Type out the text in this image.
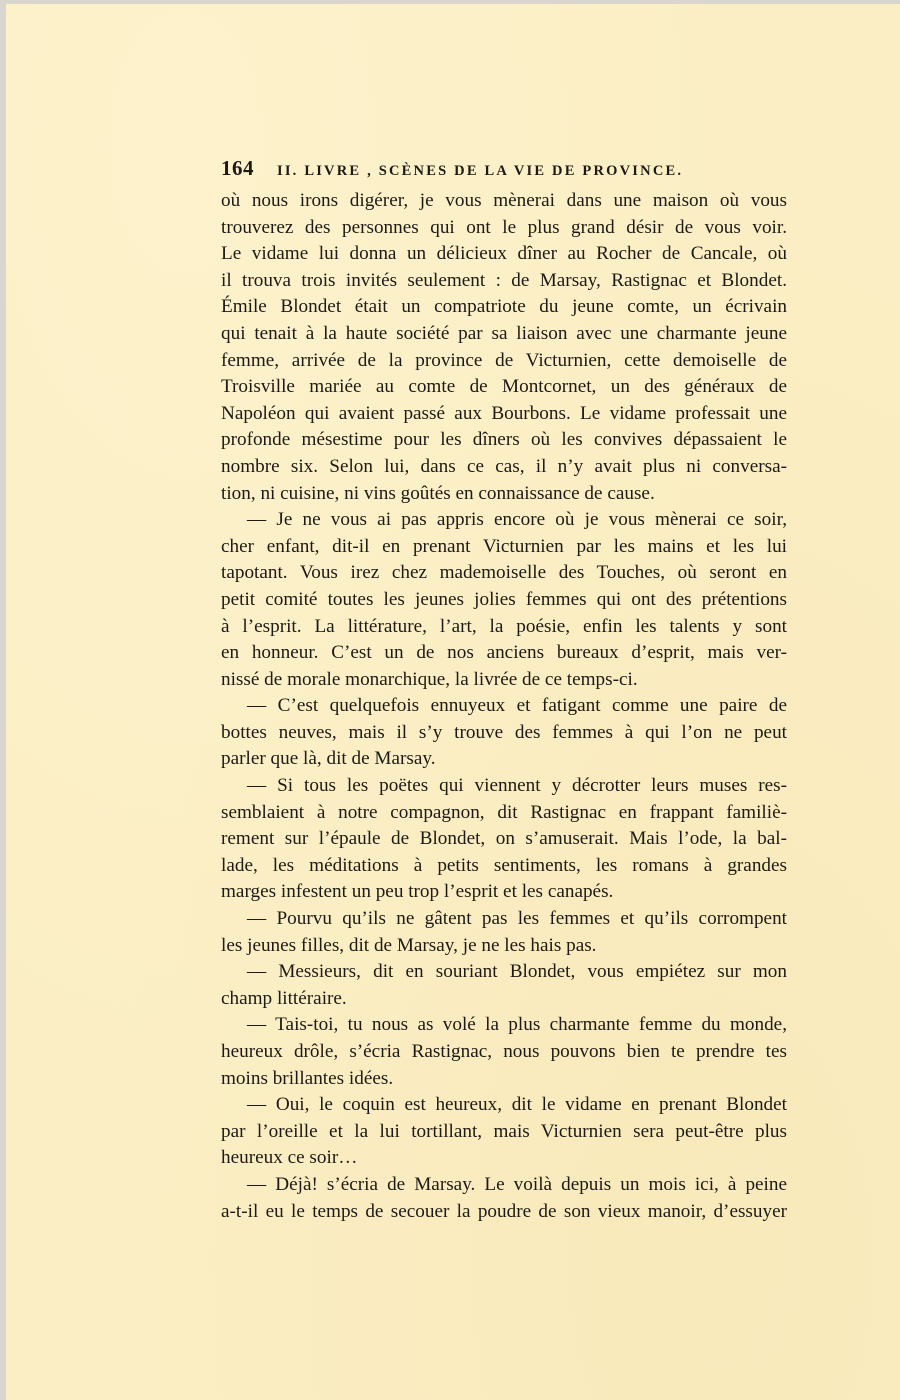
164	II. LIVRE , SCÈNES DE LA VIE DE PROVINCE.
où nous irons digérer, je vous mènerai dans une maison où vous
trouverez des personnes qui ont le plus grand désir de vous voir.
Le vidame lui donna un délicieux dîner au Rocher de Cancale, où
il trouva trois invités seulement : de Marsay, Rastignac et Blondet.
Émile Blondet était un compatriote du jeune comte, un écrivain
qui tenait à la haute société par sa liaison avec une charmante jeune
femme, arrivée de la province de Victurnien, cette demoiselle de
Troisville mariée au comte de Montcornet, un des généraux de
Napoléon qui avaient passé aux Bourbons. Le vidame professait une
profonde mésestime pour les dîners où les convives dépassaient le
nombre six. Selon lui, dans ce cas, il n’y avait plus ni conversa-
tion, ni cuisine, ni vins goûtés en connaissance de cause.
— Je ne vous ai pas appris encore où je vous mènerai ce soir,
cher enfant, dit-il en prenant Victurnien par les mains et les lui
tapotant. Vous irez chez mademoiselle des Touches, où seront en
petit comité toutes les jeunes jolies femmes qui ont des prétentions
à l’esprit. La littérature, l’art, la poésie, enfin les talents y sont
en honneur. C’est un de nos anciens bureaux d’esprit, mais ver-
nissé de morale monarchique, la livrée de ce temps-ci.
— C’est quelquefois ennuyeux et fatigant comme une paire de
bottes neuves, mais il s’y trouve des femmes à qui l’on ne peut
parler que là, dit de Marsay.
— Si tous les poëtes qui viennent y décrotter leurs muses res-
semblaient à notre compagnon, dit Rastignac en frappant familiè-
rement sur l’épaule de Blondet, on s’amuserait. Mais l’ode, la bal-
lade, les méditations à petits sentiments, les romans à grandes
marges infestent un peu trop l’esprit et les canapés.
— Pourvu qu’ils ne gâtent pas les femmes et qu’ils corrompent
les jeunes filles, dit de Marsay, je ne les hais pas.
— Messieurs, dit en souriant Blondet, vous empiétez sur mon
champ littéraire.
— Tais-toi, tu nous as volé la plus charmante femme du monde,
heureux drôle, s’écria Rastignac, nous pouvons bien te prendre tes
moins brillantes idées.
— Oui, le coquin est heureux, dit le vidame en prenant Blondet
par l’oreille et la lui tortillant, mais Victurnien sera peut-être plus
heureux ce soir…
— Déjà! s’écria de Marsay. Le voilà depuis un mois ici, à peine
a-t-il eu le temps de secouer la poudre de son vieux manoir, d’essuyer
